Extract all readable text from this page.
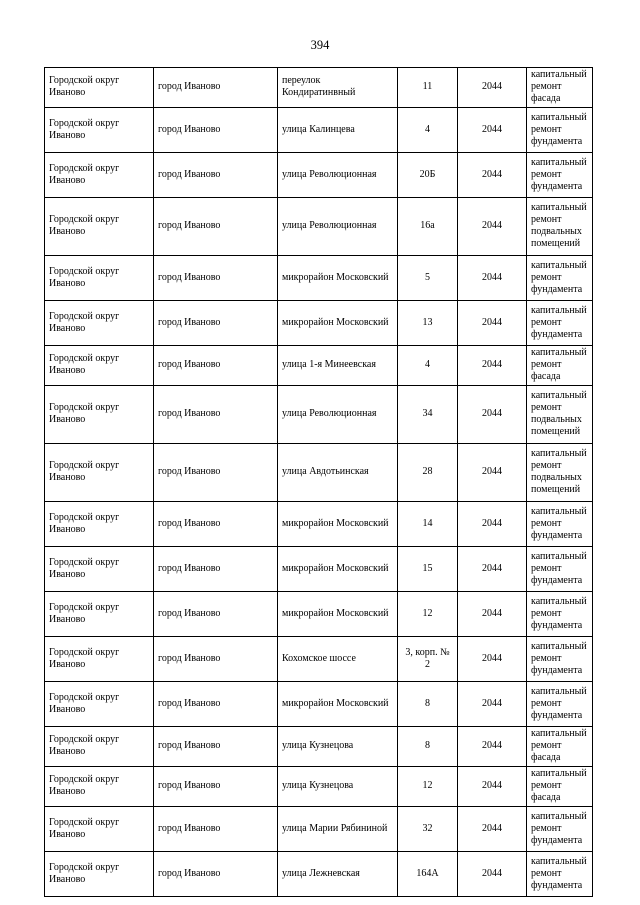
394
Городской округ Иваново	город Иваново	переулок Кондиратинвный	11	2044	капитальный ремонт фасада
Городской округ Иваново	город Иваново	улица Калинцева	4	2044	капитальный ремонт фундамента
Городской округ Иваново	город Иваново	улица Революционная	20Б	2044	капитальный ремонт фундамента
Городской округ Иваново	город Иваново	улица Революционная	16а	2044	капитальный ремонт подвальных помещений
Городской округ Иваново	город Иваново	микрорайон Московский	5	2044	капитальный ремонт фундамента
Городской округ Иваново	город Иваново	микрорайон Московский	13	2044	капитальный ремонт фундамента
Городской округ Иваново	город Иваново	улица 1-я Минеевская	4	2044	капитальный ремонт фасада
Городской округ Иваново	город Иваново	улица Революционная	34	2044	капитальный ремонт подвальных помещений
Городской округ Иваново	город Иваново	улица Авдотьинская	28	2044	капитальный ремонт подвальных помещений
Городской округ Иваново	город Иваново	микрорайон Московский	14	2044	капитальный ремонт фундамента
Городской округ Иваново	город Иваново	микрорайон Московский	15	2044	капитальный ремонт фундамента
Городской округ Иваново	город Иваново	микрорайон Московский	12	2044	капитальный ремонт фундамента
Городской округ Иваново	город Иваново	Кохомское шоссе	3, корп. № 2	2044	капитальный ремонт фундамента
Городской округ Иваново	город Иваново	микрорайон Московский	8	2044	капитальный ремонт фундамента
Городской округ Иваново	город Иваново	улица Кузнецова	8	2044	капитальный ремонт фасада
Городской округ Иваново	город Иваново	улица Кузнецова	12	2044	капитальный ремонт фасада
Городской округ Иваново	город Иваново	улица Марии Рябининой	32	2044	капитальный ремонт фундамента
Городской округ Иваново	город Иваново	улица Лежневская	164А	2044	капитальный ремонт фундамента
